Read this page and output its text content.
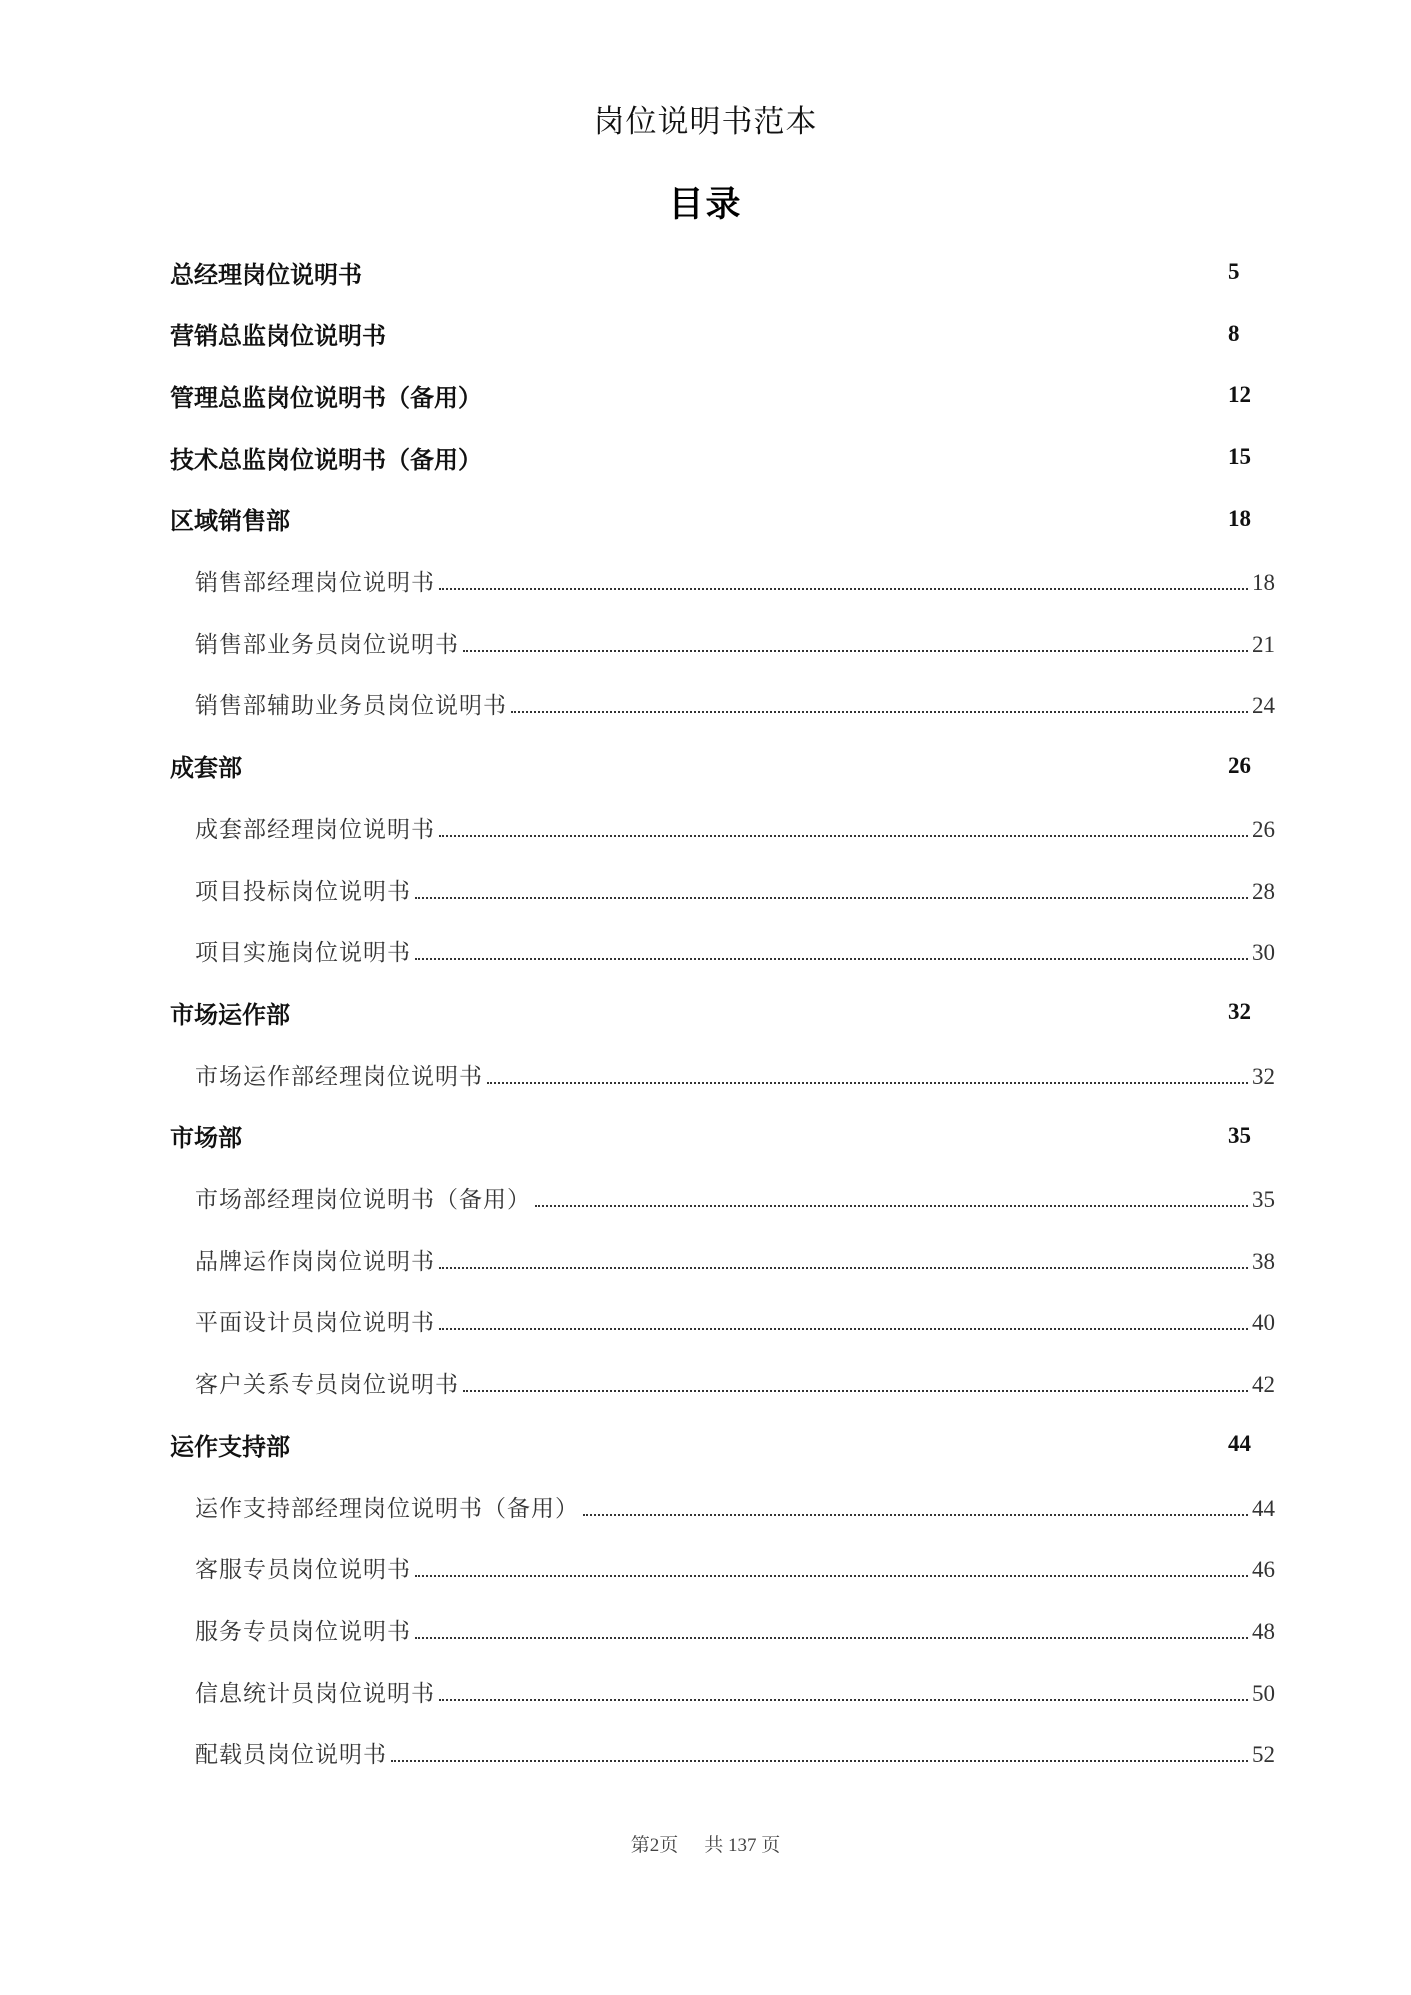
岗位说明书范本
目录
总经理岗位说明书	5
营销总监岗位说明书	8
管理总监岗位说明书（备用）	12
技术总监岗位说明书（备用）	15
区域销售部	18
销售部经理岗位说明书	18
销售部业务员岗位说明书	21
销售部辅助业务员岗位说明书	24
成套部	26
成套部经理岗位说明书	26
项目投标岗位说明书	28
项目实施岗位说明书	30
市场运作部	32
市场运作部经理岗位说明书	32
市场部	35
市场部经理岗位说明书（备用）	35
品牌运作岗岗位说明书	38
平面设计员岗位说明书	40
客户关系专员岗位说明书	42
运作支持部	44
运作支持部经理岗位说明书（备用）	44
客服专员岗位说明书	46
服务专员岗位说明书	48
信息统计员岗位说明书	50
配载员岗位说明书	52
第2页 共 137 页
